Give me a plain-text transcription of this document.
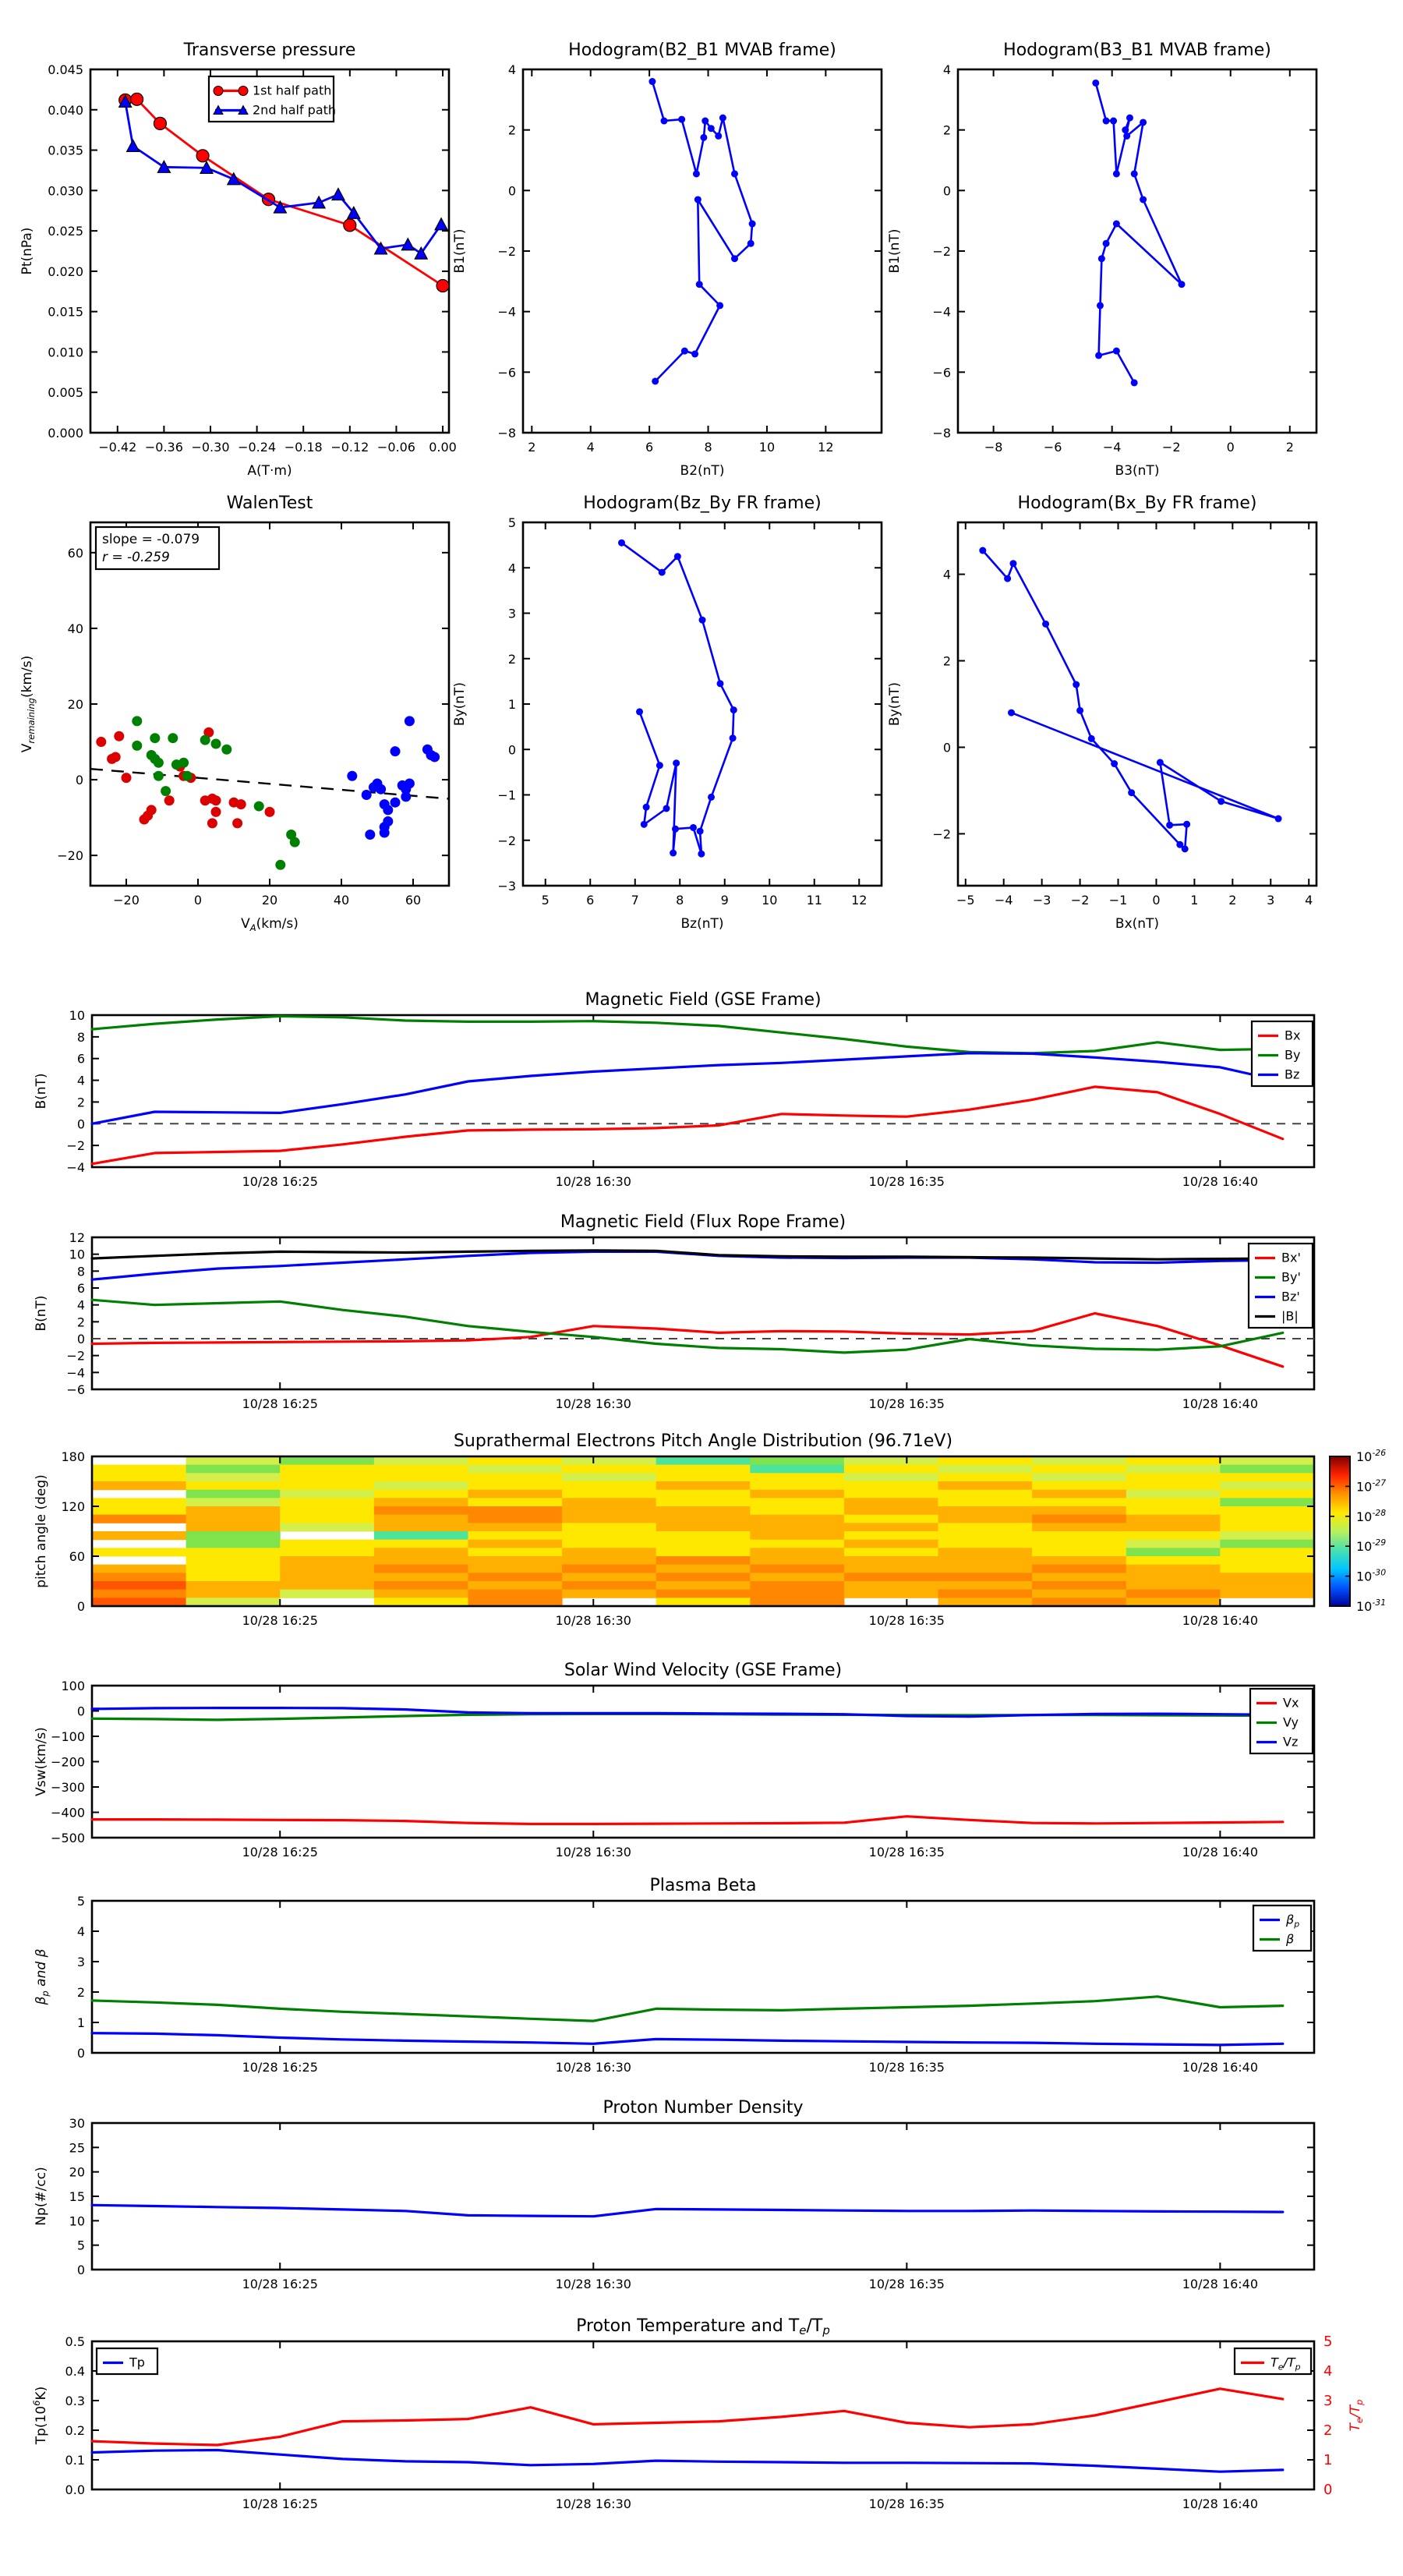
−0.42 −0.36 −0.30 −0.24 −0.18 −0.12 −0.06 0.00
0.000
0.005
0.010
0.015
0.020
0.025
0.030
0.035
0.040
0.045
Transverse pressure
A(T·m)
Pt(nPa)
1st half path
2nd half path
2	4	6	8	10	12
−8
−6
−4
−2
0
2
4
Hodogram(B2_B1 MVAB frame)
B2(nT)
B1(nT)
−8	−6	−4	−2	0	2
−8
−6
−4
−2
0
2
4
Hodogram(B3_B1 MVAB frame)
B3(nT)
B1(nT)
−20	0	20	40	60
−20
0
20
40
60
WalenTest
$V_A(km/s)$
$V_{remaining}(km/s)$
slope = -0.079
r = -0.259
5	6	7	8	9	10 11 12
−3
−2
−1
0
1
2
3
4
5
Hodogram(Bz_By FR frame)
Bz(nT)
By(nT)
−5 −4 −3 −2 −1 0 1 2 3 4
−2
0
2
4
Hodogram(Bx_By FR frame)
Bx(nT)
By(nT)
10/28 16:25	10/28 16:30	10/28 16:35	10/28 16:40
−4
−2
0
2
4
6
8
10
Magnetic Field (GSE Frame)
B(nT)
Bx
By
Bz
10/28 16:25	10/28 16:30	10/28 16:35	10/28 16:40
−6
−4
−2
0
2
4
6
8
10
12
Magnetic Field (Flux Rope Frame)
B(nT)
Bx'
By'
Bz'
|B|
10/28 16:25	10/28 16:30	10/28 16:35	10/28 16:40
0
60
120
180
Suprathermal Electrons Pitch Angle Distribution (96.71eV)
pitch angle (deg)
$10^{-26}$
$10^{-27}$
$10^{-28}$
$10^{-29}$
$10^{-30}$
$10^{-31}$
10/28 16:25	10/28 16:30	10/28 16:35	10/28 16:40
−500
−400
−300
−200
−100
0
100
Solar Wind Velocity (GSE Frame)
Vsw(km/s)
Vx
Vy
Vz
10/28 16:25	10/28 16:30	10/28 16:35	10/28 16:40
0
1
2
3
4
5
Plasma Beta
$\beta_p$ and β
$\beta_p$
β
10/28 16:25	10/28 16:30	10/28 16:35	10/28 16:40
0
5
10
15
20
25
30
Proton Number Density
Np(#/cc)
10/28 16:25	10/28 16:30	10/28 16:35	10/28 16:40
0.0
0.1
0.2
0.3
0.4
0.5
Proton Temperature and Te/Tp
$Tp(10^6K)$
0
1
2
3
4
5
$T_e/T_p$
Tp	$T_e/T_p$
